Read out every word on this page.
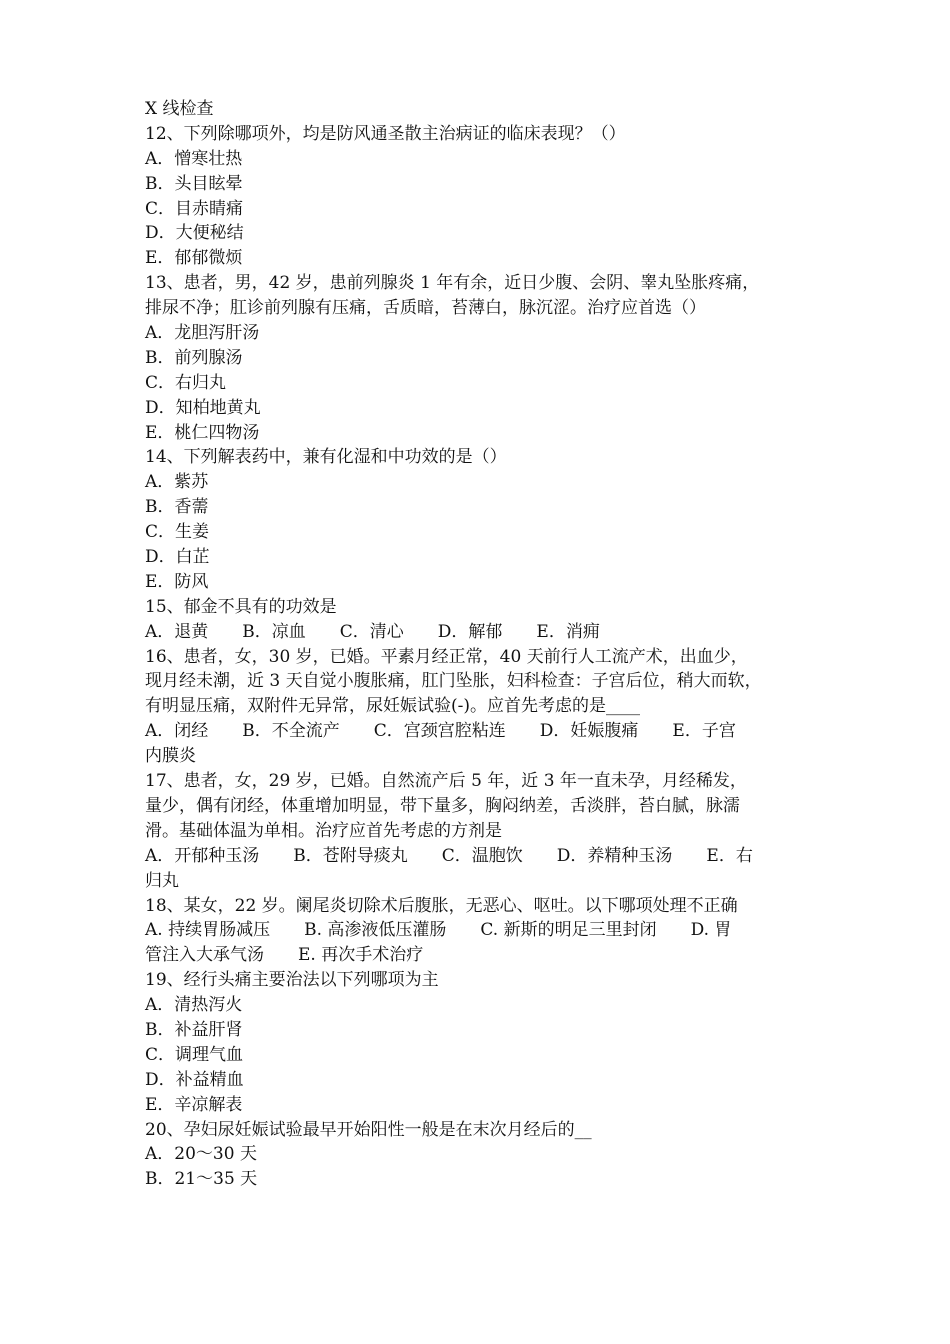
X 线检查
12、下列除哪项外，均是防风通圣散主治病证的临床表现？（）
A．憎寒壮热
B．头目眩晕
C．目赤睛痛
D．大便秘结
E．郁郁微烦
13、患者，男，42 岁，患前列腺炎 1 年有余，近日少腹、会阴、睾丸坠胀疼痛，
排尿不净；肛诊前列腺有压痛，舌质暗，苔薄白，脉沉涩。治疗应首选（）
A．龙胆泻肝汤
B．前列腺汤
C．右归丸
D．知柏地黄丸
E．桃仁四物汤
14、下列解表药中，兼有化湿和中功效的是（）
A．紫苏
B．香薷
C．生姜
D．白芷
E．防风
15、郁金不具有的功效是
A．退黄　　B．凉血　　C．清心　　D．解郁　　E．消痈
16、患者，女，30 岁，已婚。平素月经正常，40 天前行人工流产术，出血少，
现月经未潮，近 3 天自觉小腹胀痛，肛门坠胀，妇科检查：子宫后位，稍大而软，
有明显压痛，双附件无异常，尿妊娠试验(-)。应首先考虑的是____
A．闭经　　B．不全流产　　C．宫颈宫腔粘连　　D．妊娠腹痛　　E．子宫
内膜炎
17、患者，女，29 岁，已婚。自然流产后 5 年，近 3 年一直未孕，月经稀发，
量少，偶有闭经，体重增加明显，带下量多，胸闷纳差，舌淡胖，苔白腻，脉濡
滑。基础体温为单相。治疗应首先考虑的方剂是
A．开郁种玉汤　　B．苍附导痰丸　　C．温胞饮　　D．养精种玉汤　　E．右
归丸
18、某女，22 岁。阑尾炎切除术后腹胀，无恶心、呕吐。以下哪项处理不正确
A. 持续胃肠减压　　B. 高渗液低压灌肠　　C. 新斯的明足三里封闭　　D. 胃
管注入大承气汤　　E. 再次手术治疗
19、经行头痛主要治法以下列哪项为主
A．清热泻火
B．补益肝肾
C．调理气血
D．补益精血
E．辛凉解表
20、孕妇尿妊娠试验最早开始阳性一般是在末次月经后的__
A．20～30 天
B．21～35 天
